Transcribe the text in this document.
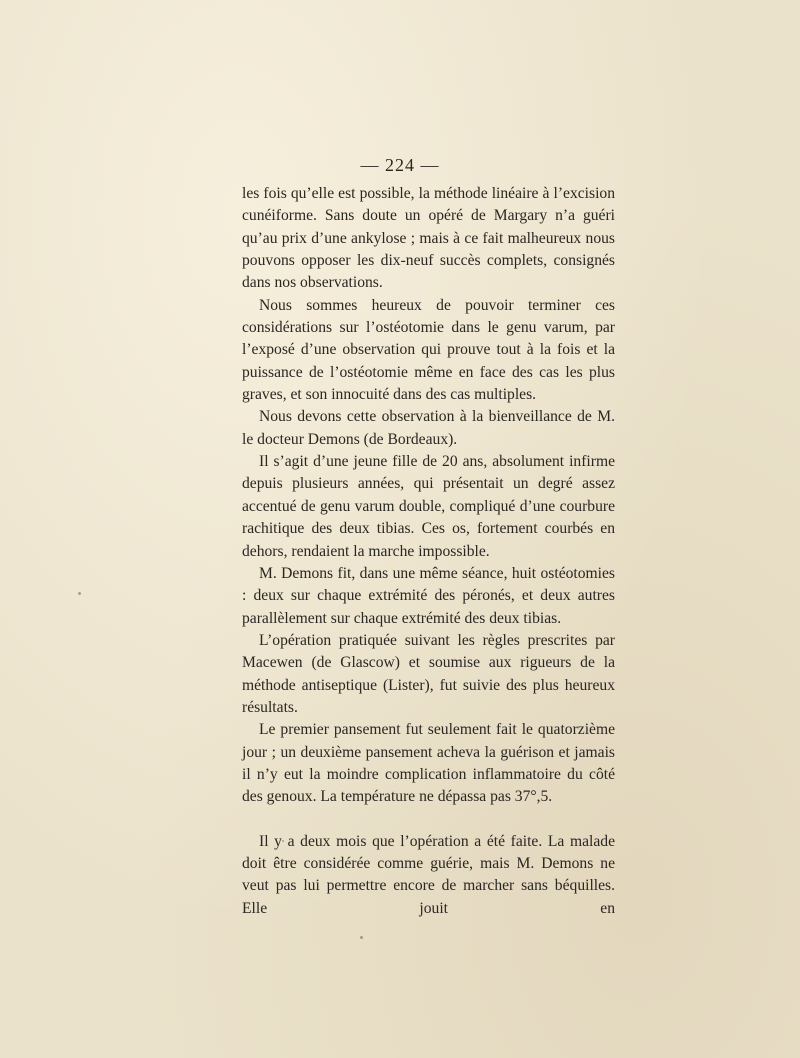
— 224 —

les fois qu’elle est possible, la méthode linéaire à l’excision cunéiforme. Sans doute un opéré de Margary n’a guéri qu’au prix d’une ankylose ; mais à ce fait malheureux nous pouvons opposer les dix-neuf succès complets, consignés dans nos observations.

Nous sommes heureux de pouvoir terminer ces considérations sur l’ostéotomie dans le genu varum, par l’exposé d’une observation qui prouve tout à la fois et la puissance de l’ostéotomie même en face des cas les plus graves, et son innocuité dans des cas multiples.

Nous devons cette observation à la bienveillance de M. le docteur Demons (de Bordeaux).

Il s’agit d’une jeune fille de 20 ans, absolument infirme depuis plusieurs années, qui présentait un degré assez accentué de genu varum double, compliqué d’une courbure rachitique des deux tibias. Ces os, fortement courbés en dehors, rendaient la marche impossible.

M. Demons fit, dans une même séance, huit ostéotomies : deux sur chaque extrémité des péronés, et deux autres parallèlement sur chaque extrémité des deux tibias.

L’opération pratiquée suivant les règles prescrites par Macewen (de Glascow) et soumise aux rigueurs de la méthode antiseptique (Lister), fut suivie des plus heureux résultats.

Le premier pansement fut seulement fait le quatorzième jour ; un deuxième pansement acheva la guérison et jamais il n’y eut la moindre complication inflammatoire du côté des genoux. La température ne dépassa pas 37°,5.

Il y a deux mois que l’opération a été faite. La malade doit être considérée comme guérie, mais M. Demons ne veut pas lui permettre encore de marcher sans béquilles. Elle jouit en
